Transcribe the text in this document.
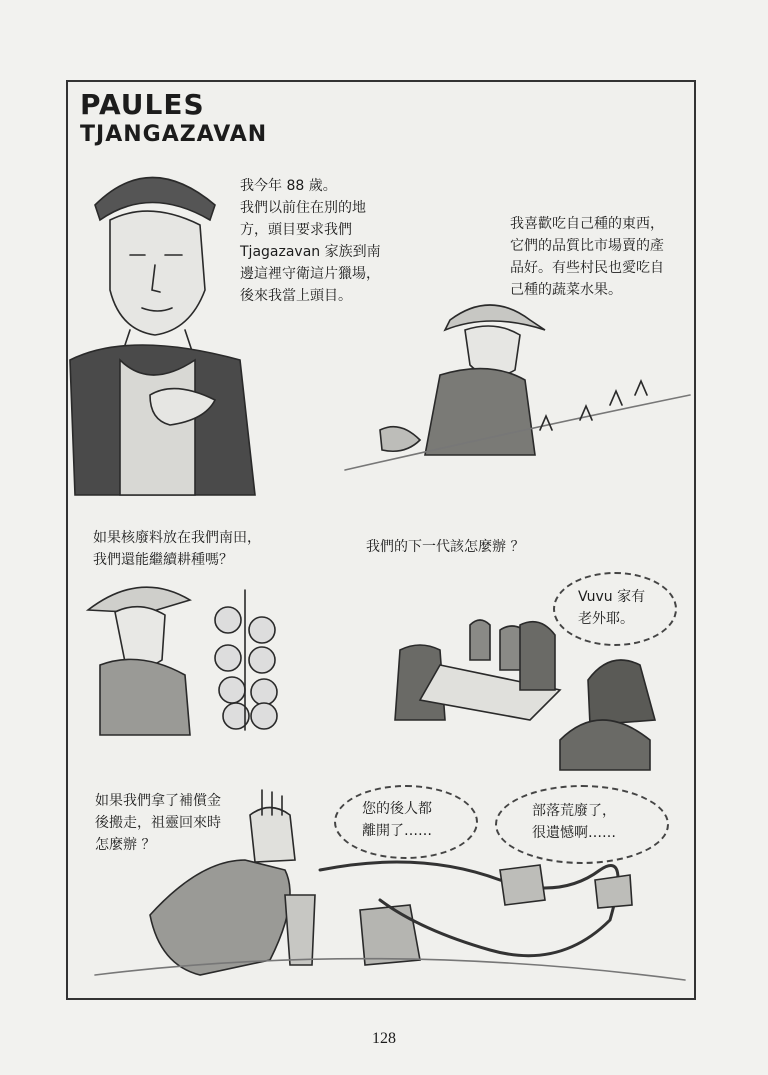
PAULES
TJANGAZAVAN
我今年 88 歲。
我們以前住在別的地
方，頭目要求我們
Tjagazavan 家族到南
邊這裡守衛這片獵場，
後來我當上頭目。
我喜歡吃自己種的東西，
它們的品質比市場賣的產
品好。有些村民也愛吃自
己種的蔬菜水果。
如果核廢料放在我們南田，
我們還能繼續耕種嗎？
我們的下一代該怎麼辦 ？
如果我們拿了補償金
後搬走，祖靈回來時
怎麼辦 ？
Vuvu 家有
老外耶。
您的後人都
離開了……
部落荒廢了，
很遺憾啊……
128
